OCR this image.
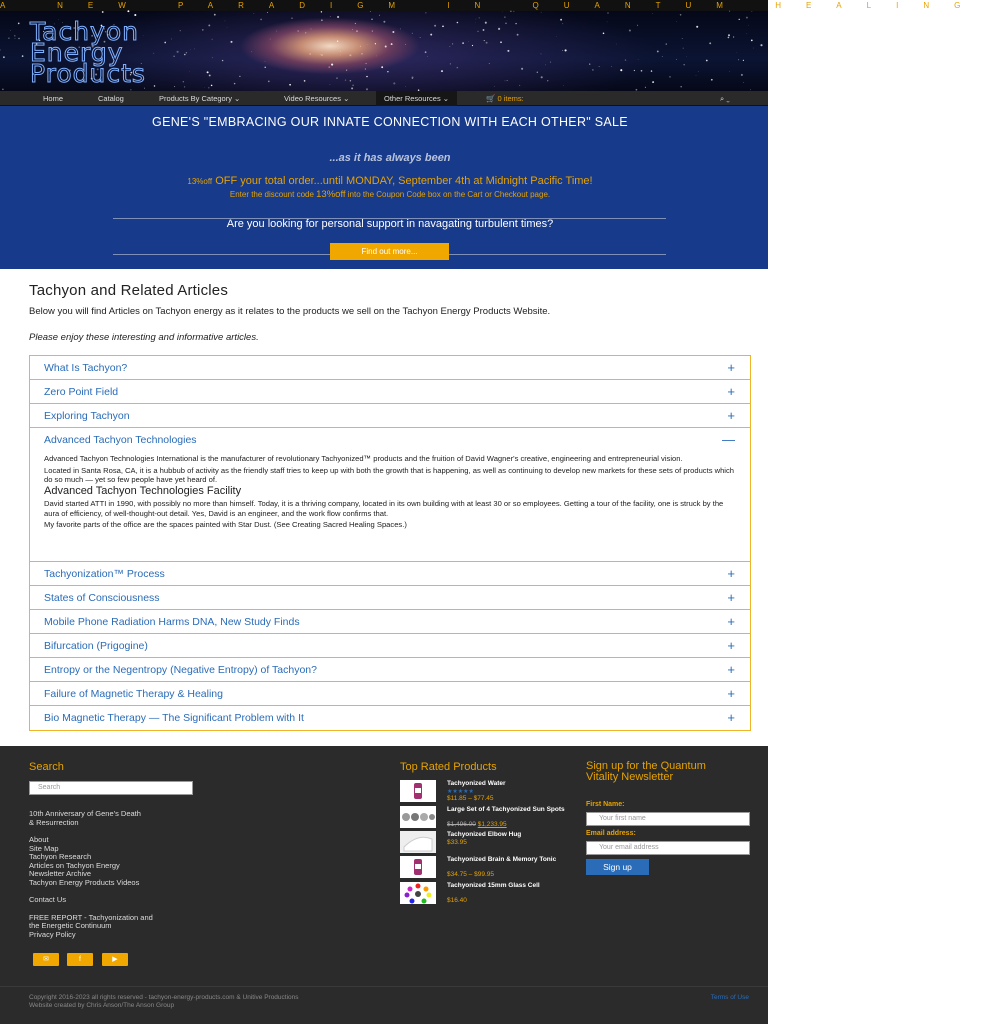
A NEW PARADIGM IN QUANTUM HEALING
Tachyon
Energy
Products
Home	Catalog	Products By Category ⌄	Video Resources ⌄	Other Resources ⌄	🛒 0 items:	⌕ ⌄
GENE'S "EMBRACING OUR INNATE CONNECTION WITH EACH OTHER" SALE
...as it has always been
13%off OFF your total order...until MONDAY, September 4th at Midnight Pacific Time!
Enter the discount code 13%off into the Coupon Code box on the Cart or Checkout page.
Are you looking for personal support in navagating turbulent times?
Find out more...
Tachyon and Related Articles
Below you will find Articles on Tachyon energy as it relates to the products we sell on the Tachyon Energy Products Website.
Please enjoy these interesting and informative articles.
What Is Tachyon?	+
Zero Point Field	+
Exploring Tachyon	+
Advanced Tachyon Technologies	—

Advanced Tachyon Technologies International is the manufacturer of revolutionary Tachyonized™ products and the fruition of David Wagner's creative, engineering and entrepreneurial vision.

Located in Santa Rosa, CA, it is a hubbub of activity as the friendly staff tries to keep up with both the growth that is happening, as well as continuing to develop new markets for these sets of products which do so much — yet so few people have yet heard of.

Advanced Tachyon Technologies Facility

David started ATTI in 1990, with possibly no more than himself. Today, it is a thriving company, located in its own building with at least 30 or so employees. Getting a tour of the facility, one is struck by the aura of efficiency, of well-thought-out detail. Yes, David is an engineer, and the work flow confirms that.

My favorite parts of the office are the spaces painted with Star Dust. (See Creating Sacred Healing Spaces.)

Tachyonization™ Process	+
States of Consciousness	+
Mobile Phone Radiation Harms DNA, New Study Finds	+
Bifurcation (Prigogine)	+
Entropy or the Negentropy (Negative Entropy) of Tachyon?	+
Failure of Magnetic Therapy & Healing	+
Bio Magnetic Therapy — The Significant Problem with It	+
Search
Search
10th Anniversary of Gene's Death
& Resurrection
About
Site Map
Tachyon Research
Articles on Tachyon Energy
Newsletter Archive
Tachyon Energy Products Videos
Contact Us
FREE REPORT - Tachyonization and
the Energetic Continuum
Privacy Policy
Top Rated Products
Tachyonized Water
★★★★★
$11.85 – $77.45
Large Set of 4 Tachyonized Sun Spots
$1,496.00 $1,233.95
Tachyonized Elbow Hug
$33.95
Tachyonized Brain & Memory Tonic
$34.75 – $99.95
Tachyonized 15mm Glass Cell
$16.40
Sign up for the Quantum Vitality Newsletter
First Name:
Your first name
Email address:
Your email address
Sign up
✉	f	▶
Copyright 2016-2023 all rights reserved - tachyon-energy-products.com & Unitive Productions
Website created by Chris Anson/The Anson Group
Terms of Use
